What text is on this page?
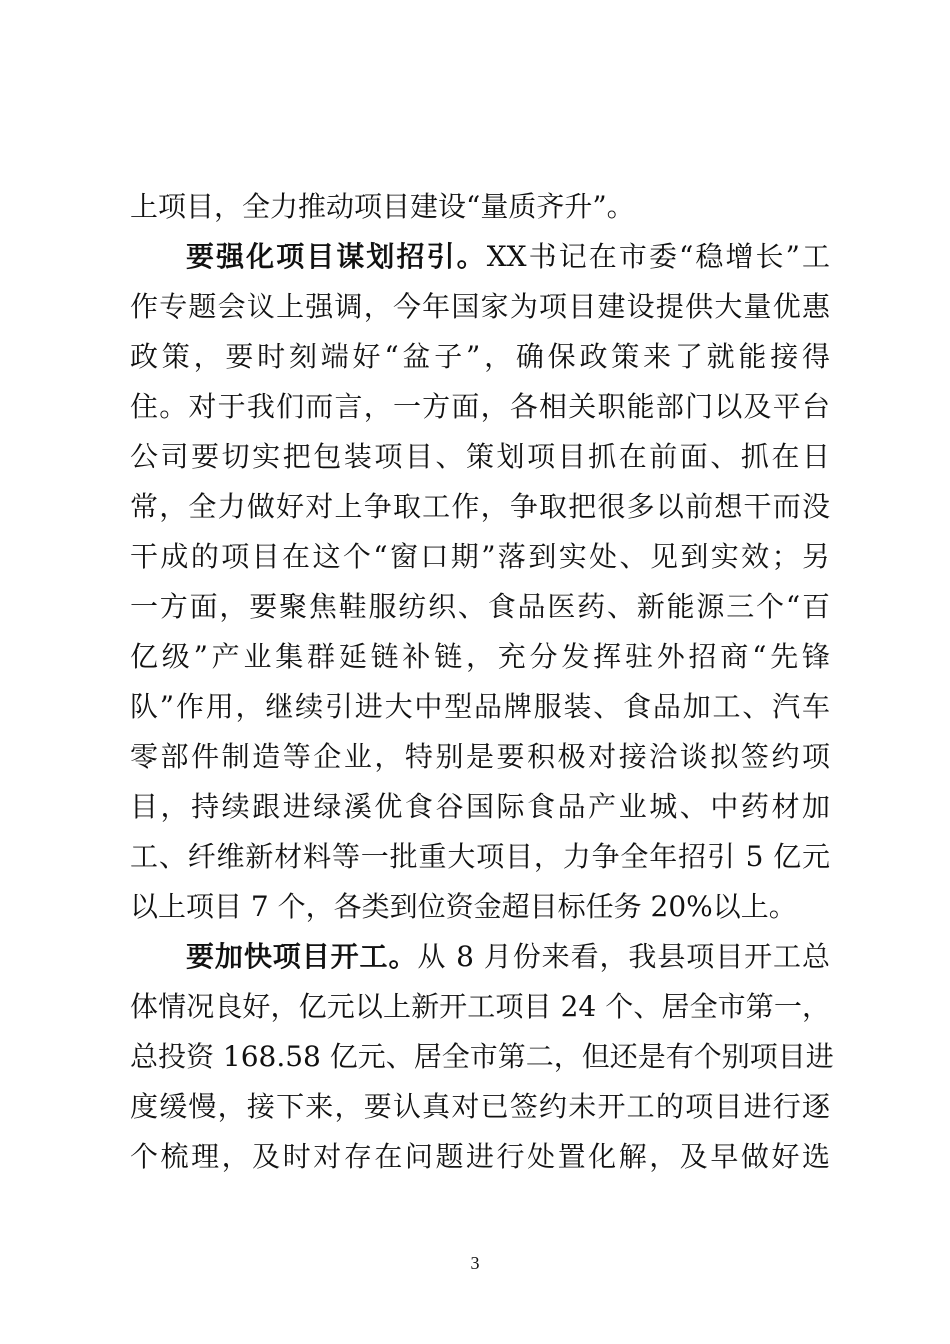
上项目，全力推动项目建设“量质齐升”。
要强化项目谋划招引。XX书记在市委“稳增长”工
作专题会议上强调，今年国家为项目建设提供大量优惠
政策，要时刻端好“盆子”，确保政策来了就能接得
住。对于我们而言，一方面，各相关职能部门以及平台
公司要切实把包装项目、策划项目抓在前面、抓在日
常，全力做好对上争取工作，争取把很多以前想干而没
干成的项目在这个“窗口期”落到实处、见到实效；另
一方面，要聚焦鞋服纺织、食品医药、新能源三个“百
亿级”产业集群延链补链，充分发挥驻外招商“先锋
队”作用，继续引进大中型品牌服装、食品加工、汽车
零部件制造等企业，特别是要积极对接洽谈拟签约项
目，持续跟进绿溪优食谷国际食品产业城、中药材加
工、纤维新材料等一批重大项目，力争全年招引 5 亿元
以上项目 7 个，各类到位资金超目标任务 20%以上。
要加快项目开工。从 8 月份来看，我县项目开工总
体情况良好，亿元以上新开工项目 24 个、居全市第一，
总投资 168.58 亿元、居全市第二，但还是有个别项目进
度缓慢，接下来，要认真对已签约未开工的项目进行逐
个梳理，及时对存在问题进行处置化解，及早做好选
3
